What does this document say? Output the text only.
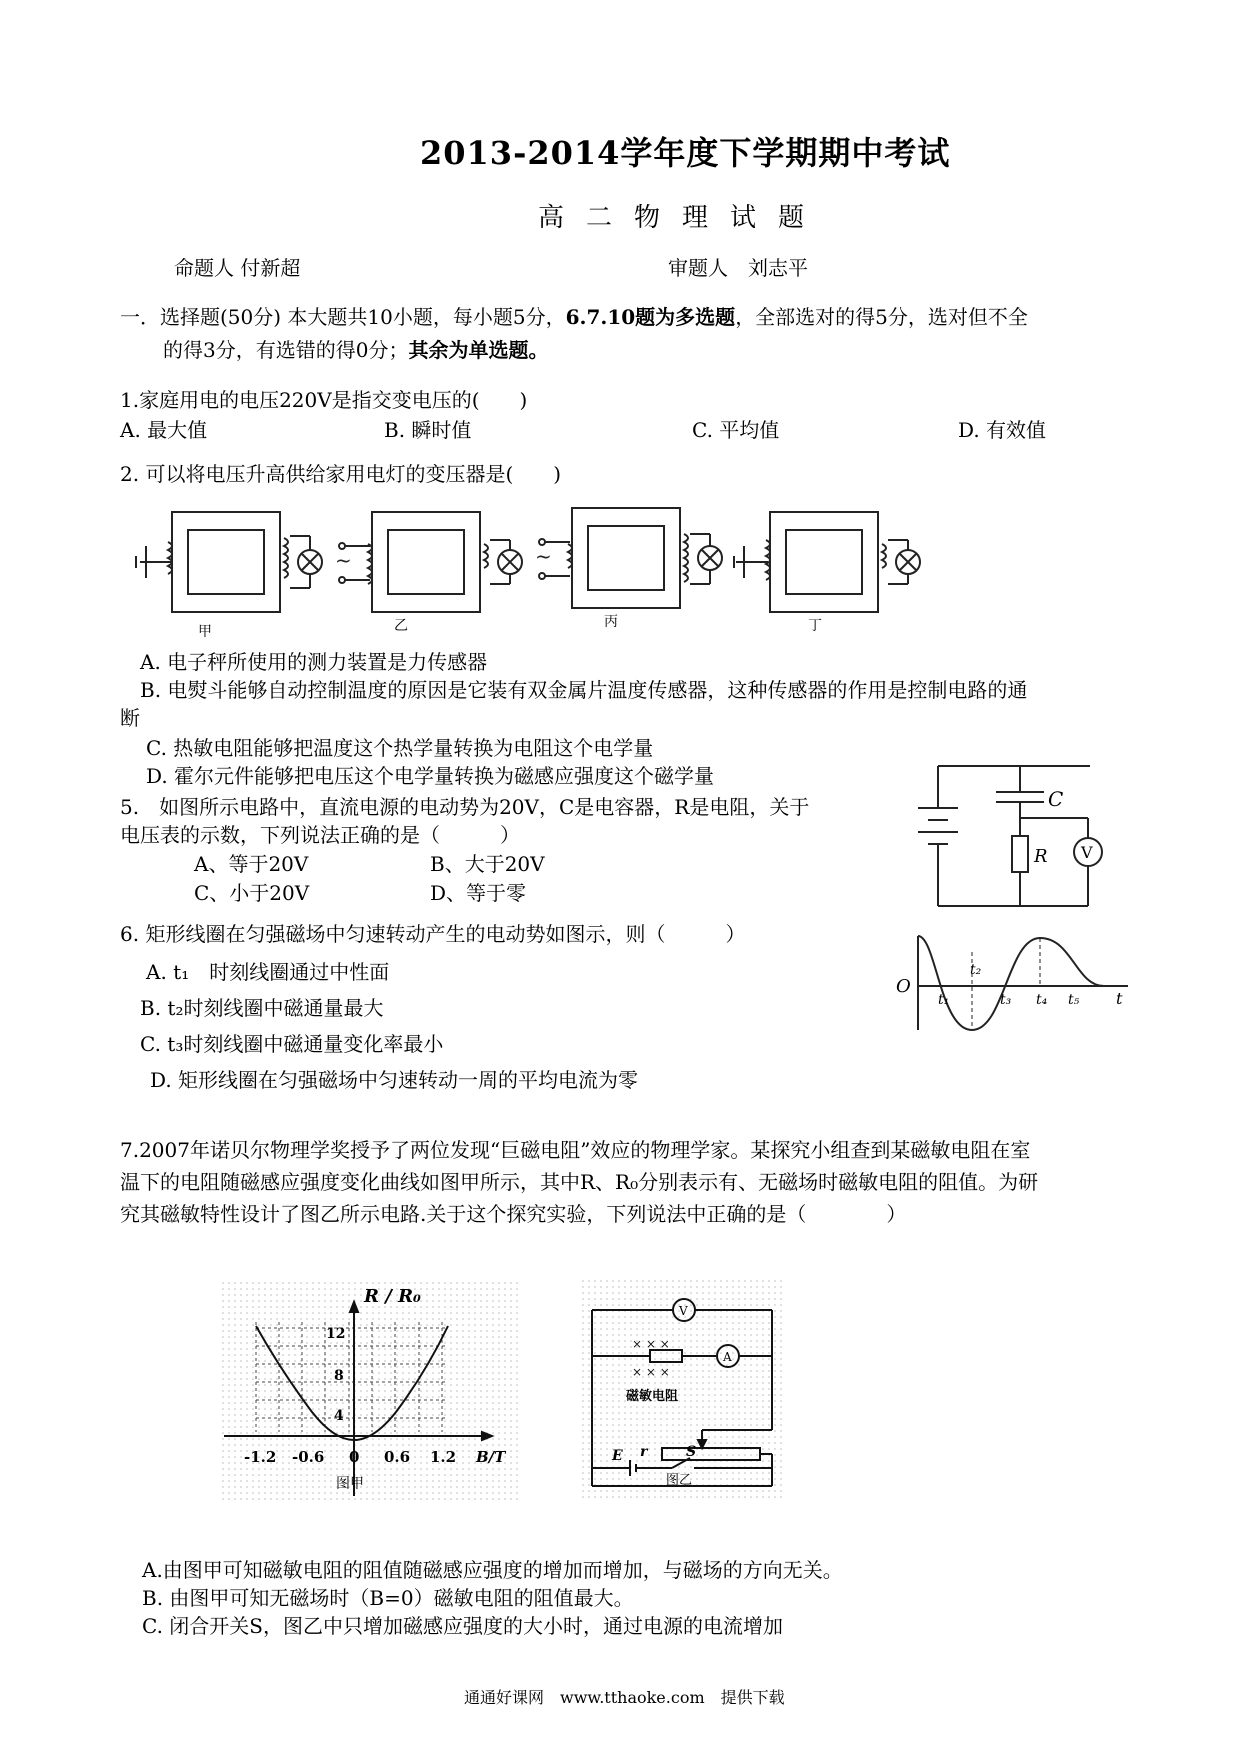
2013-2014学年度下学期期中考试
高二物理试题
命题人 付新超	审题人　刘志平
一．选择题(50分) 本大题共10小题，每小题5分，6.7.10题为多选题，全部选对的得5分，选对但不全
的得3分，有选错的得0分；其余为单选题。
1.家庭用电的电压220V是指交变电压的(　　)
A. 最大值	B. 瞬时值	C. 平均值	D. 有效值
2. 可以将电压升高供给家用电灯的变压器是(　　)
~	~
甲	乙	丙	丁
A. 电子秤所使用的测力装置是力传感器
B. 电熨斗能够自动控制温度的原因是它装有双金属片温度传感器，这种传感器的作用是控制电路的通
断
C. 热敏电阻能够把温度这个热学量转换为电阻这个电学量
D. 霍尔元件能够把电压这个电学量转换为磁感应强度这个磁学量
5.　如图所示电路中，直流电源的电动势为20V，C是电容器，R是电阻，关于
电压表的示数，下列说法正确的是（　　　）
A、等于20V	B、大于20V
C、小于20V	D、等于零
C
R V
6. 矩形线圈在匀强磁场中匀速转动产生的电动势如图示，则（　　　）
A. t₁　时刻线圈通过中性面
B. t₂时刻线圈中磁通量最大
C. t₃时刻线圈中磁通量变化率最小
D. 矩形线圈在匀强磁场中匀速转动一周的平均电流为零
O
t₁
t₂
t₃ t₄ t₅ t
7.2007年诺贝尔物理学奖授予了两位发现“巨磁电阻”效应的物理学家。某探究小组查到某磁敏电阻在室
温下的电阻随磁感应强度变化曲线如图甲所示，其中R、R₀分别表示有、无磁场时磁敏电阻的阻值。为研
究其磁敏特性设计了图乙所示电路.关于这个探究实验，下列说法中正确的是（　　　　）
R / R₀
12
8
4
-1.2 -0.6 0 0.6 1.2 B/T
图甲
× × ×
× × ×
V
A
磁敏电阻
E r	S
图乙
A.由图甲可知磁敏电阻的阻值随磁感应强度的增加而增加，与磁场的方向无关。
B. 由图甲可知无磁场时（B=0）磁敏电阻的阻值最大。
C. 闭合开关S，图乙中只增加磁感应强度的大小时，通过电源的电流增加
通通好课网　www.tthaoke.com　提供下载
